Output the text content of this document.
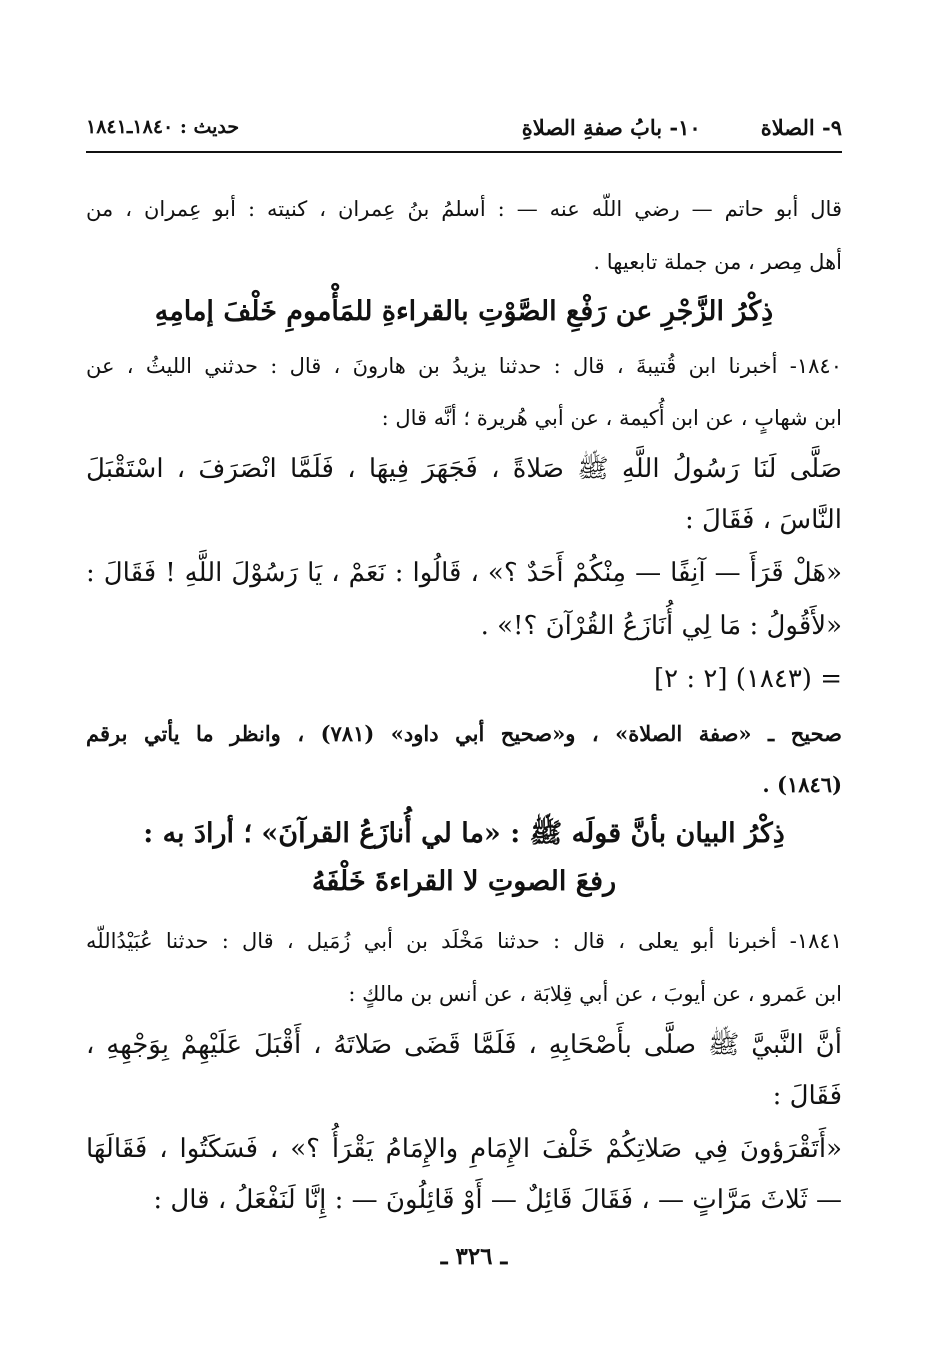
٩- الصلاة
١٠- بابُ صفةِ الصلاةِ
حديث : ١٨٤٠ـ١٨٤١
قال أبو حاتم — رضي اللّه عنه — : أسلمُ بنُ عِمران ، كنيته : أبو عِمران ، من
أهل مِصر ، من جملة تابعيها .
ذِكْرُ الزَّجْرِ عن رَفْعِ الصَّوْتِ بالقراءةِ للمَأْمومِ خَلْفَ إمامِهِ
١٨٤٠- أخبرنا ابن قُتيبةَ ، قال : حدثنا يزيدُ بن هارونَ ، قال : حدثني الليثُ ، عن
ابن شهابٍ ، عن ابن أُكيمة ، عن أبي هُريرة ؛ أنَّه قال :
صَلَّى لَنَا رَسُولُ اللَّهِ ﷺ صَلاةً ، فَجَهَرَ فِيهَا ، فَلَمَّا انْصَرَفَ ، اسْتَقْبَلَ
النَّاسَ ، فَقَالَ :
«هَلْ قَرَأَ — آنِفًا — مِنْكُمْ أَحَدٌ ؟» ، قَالُوا : نَعَمْ ، يَا رَسُوْلَ اللَّهِ ! فَقَالَ :
«لأَقُولُ : مَا لِي أُنَازَعُ القُرْآنَ ؟!» .
= (١٨٤٣) [٢ : ٢]
صحيح ـ «صفة الصلاة» ، و«صحيح أبي داود» (٧٨١) ، وانظر ما يأتي برقم
(١٨٤٦) .
ذِكْرُ البيان بأنَّ قولَه ﷺ : «ما لي أُنازَعُ القرآنَ» ؛ أرادَ به :
رفعَ الصوتِ لا القراءةَ خَلْفَهُ
١٨٤١- أخبرنا أبو يعلى ، قال : حدثنا مَخْلَد بن أبي زُمَيل ، قال : حدثنا عُبَيْدُاللّه
ابن عَمرو ، عن أيوبَ ، عن أبي قِلابَة ، عن أنس بن مالكٍ :
أنَّ النَّبيَّ ﷺ صلَّى بأَصْحَابِهِ ، فَلَمَّا قَضَى صَلاتَهُ ، أَقْبَلَ عَلَيْهِمْ بِوَجْهِهِ ،
فَقَالَ :
«أَتَقْرَؤونَ فِي صَلاتِكُمْ خَلْفَ الإِمَامِ والإِمَامُ يَقْرَأُ ؟» ، فَسَكَتُوا ، فَقَالَهَا
— ثَلاثَ مَرَّاتٍ — ، فَقَالَ قَائِلٌ — أَوْ قَائِلُونَ — : إِنَّا لَنَفْعَلُ ، قال :
ـ ٣٢٦ ـ
